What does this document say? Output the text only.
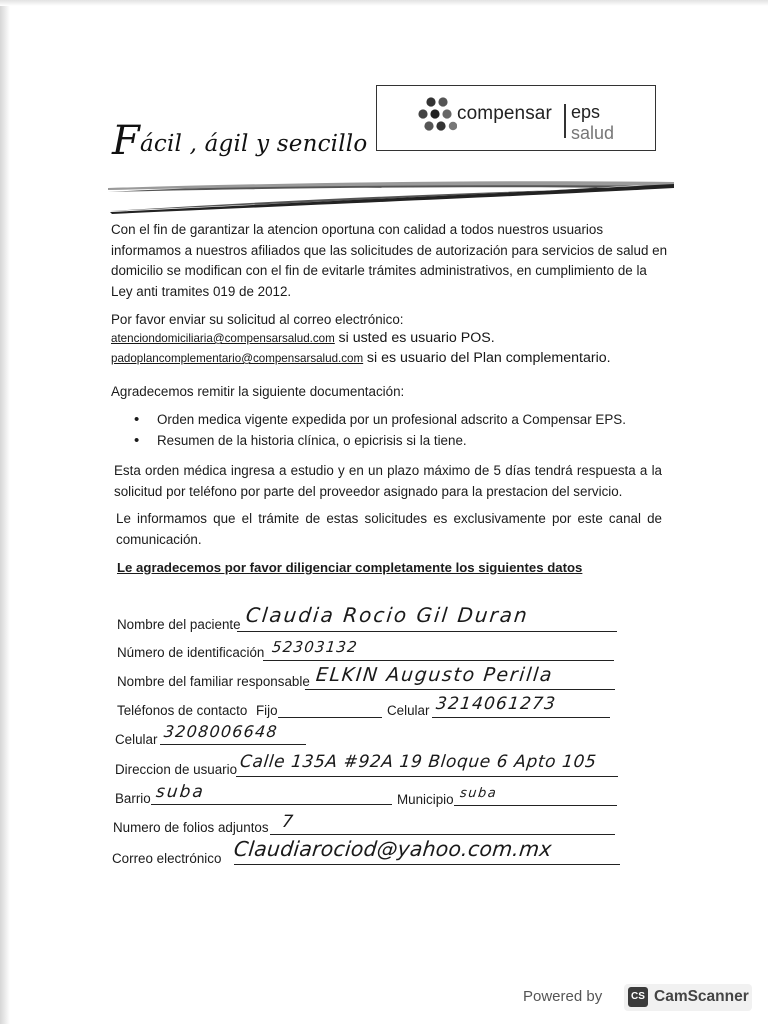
Fácil , ágil y sencillo
compensar eps
salud
Con el fin de garantizar la atencion oportuna con calidad a todos nuestros usuarios informamos a nuestros afiliados que las solicitudes de autorización para servicios de salud en domicilio se modifican con el fin de evitarle trámites administrativos, en cumplimiento de la Ley anti tramites 019 de 2012.
Por favor enviar su solicitud al correo electrónico:
atenciondomiciliaria@compensarsalud.com si usted es usuario POS.
padoplancomplementario@compensarsalud.com si es usuario del Plan complementario.
Agradecemos remitir la siguiente documentación:
• Orden medica vigente expedida por un profesional adscrito a Compensar EPS.
• Resumen de la historia clínica, o epicrisis si la tiene.
Esta orden médica ingresa a estudio y en un plazo máximo de 5 días tendrá respuesta a la solicitud por teléfono por parte del proveedor asignado para la prestacion del servicio.
Le informamos que el trámite de estas solicitudes es exclusivamente por este canal de comunicación.
Le agradecemos por favor diligenciar completamente los siguientes datos
Nombre del paciente Claudia Rocio Gil Duran
Número de identificación 52303132
Nombre del familiar responsable ELKIN Augusto Perilla
Teléfonos de contacto Fijo	Celular 3214061273
Celular 3208006648
Direccion de usuario Calle 135A #92A 19 Bloque 6 Apto 105
Barrio suba	Municipio suba
Numero de folios adjuntos 7
Correo electrónico Claudiarociod@yahoo.com.mx
Powered by	CS CamScanner
